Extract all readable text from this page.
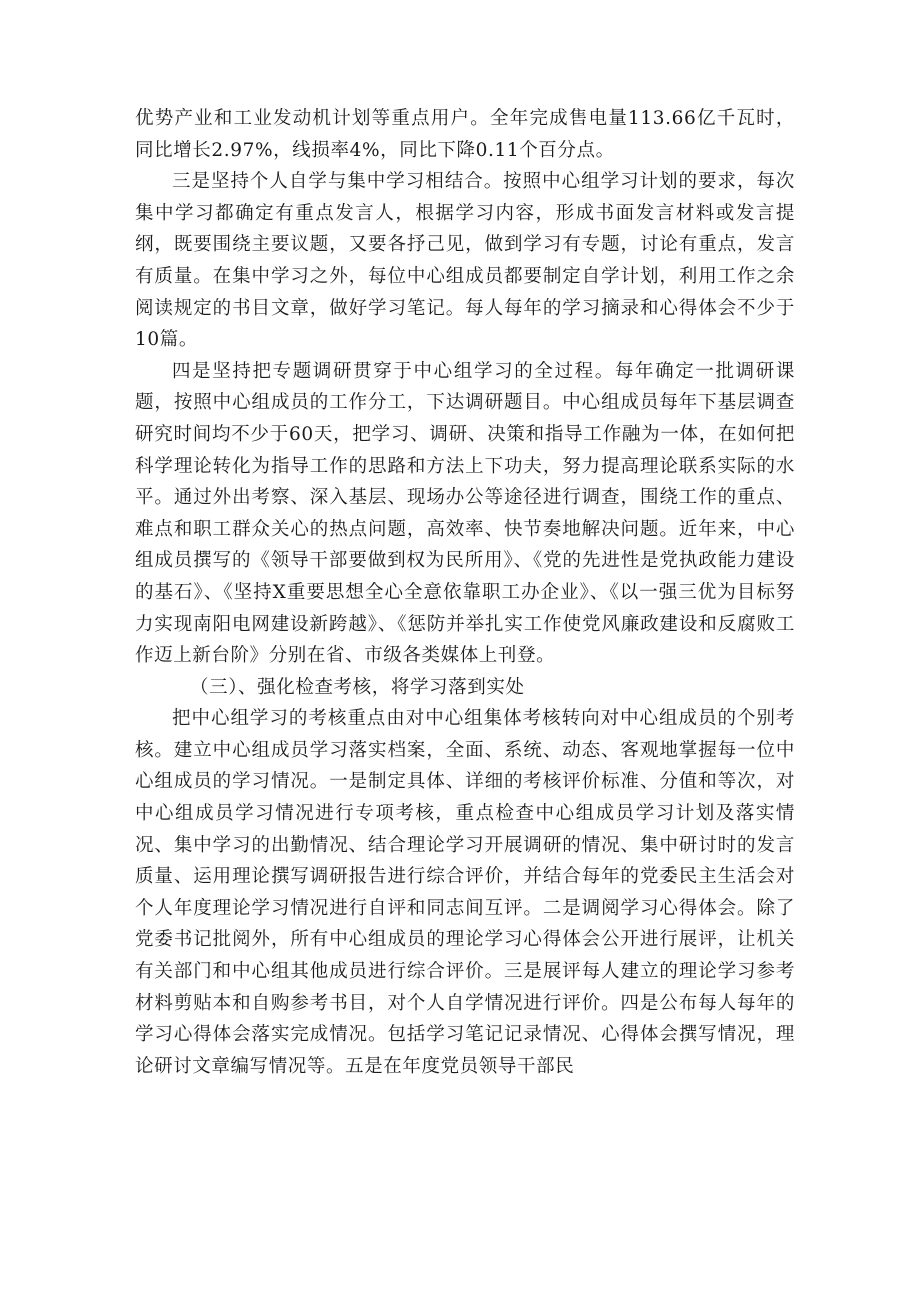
优势产业和工业发动机计划等重点用户。全年完成售电量113.66亿千瓦时，同比增长2.97%，线损率4%，同比下降0.11个百分点。

三是坚持个人自学与集中学习相结合。按照中心组学习计划的要求，每次集中学习都确定有重点发言人，根据学习内容，形成书面发言材料或发言提纲，既要围绕主要议题，又要各抒己见，做到学习有专题，讨论有重点，发言有质量。在集中学习之外，每位中心组成员都要制定自学计划，利用工作之余阅读规定的书目文章，做好学习笔记。每人每年的学习摘录和心得体会不少于10篇。

四是坚持把专题调研贯穿于中心组学习的全过程。每年确定一批调研课题，按照中心组成员的工作分工，下达调研题目。中心组成员每年下基层调查研究时间均不少于60天，把学习、调研、决策和指导工作融为一体，在如何把科学理论转化为指导工作的思路和方法上下功夫，努力提高理论联系实际的水平。通过外出考察、深入基层、现场办公等途径进行调查，围绕工作的重点、难点和职工群众关心的热点问题，高效率、快节奏地解决问题。近年来，中心组成员撰写的《领导干部要做到权为民所用》、《党的先进性是党执政能力建设的基石》、《坚持X重要思想全心全意依靠职工办企业》、《以一强三优为目标努力实现南阳电网建设新跨越》、《惩防并举扎实工作使党风廉政建设和反腐败工作迈上新台阶》分别在省、市级各类媒体上刊登。

（三）、强化检查考核，将学习落到实处

把中心组学习的考核重点由对中心组集体考核转向对中心组成员的个别考核。建立中心组成员学习落实档案，全面、系统、动态、客观地掌握每一位中心组成员的学习情况。一是制定具体、详细的考核评价标准、分值和等次，对中心组成员学习情况进行专项考核，重点检查中心组成员学习计划及落实情况、集中学习的出勤情况、结合理论学习开展调研的情况、集中研讨时的发言质量、运用理论撰写调研报告进行综合评价，并结合每年的党委民主生活会对个人年度理论学习情况进行自评和同志间互评。二是调阅学习心得体会。除了党委书记批阅外，所有中心组成员的理论学习心得体会公开进行展评，让机关有关部门和中心组其他成员进行综合评价。三是展评每人建立的理论学习参考材料剪贴本和自购参考书目，对个人自学情况进行评价。四是公布每人每年的学习心得体会落实完成情况。包括学习笔记记录情况、心得体会撰写情况，理论研讨文章编写情况等。五是在年度党员领导干部民
